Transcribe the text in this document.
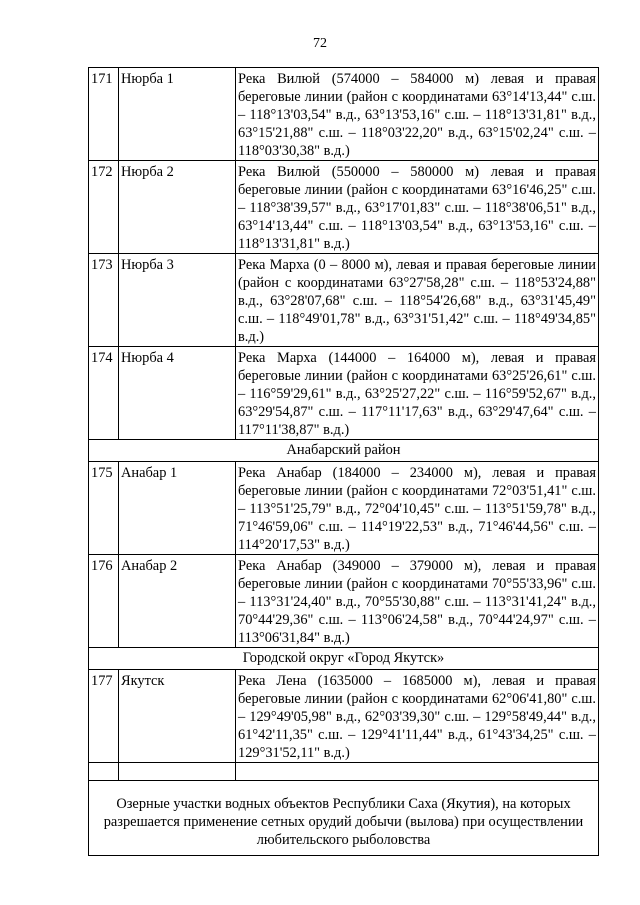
72
171	Нюрба 1	Река Вилюй (574000 – 584000 м) левая и правая береговые линии (район с координатами 63°14'13,44" с.ш. – 118°13'03,54" в.д., 63°13'53,16" с.ш. – 118°13'31,81" в.д., 63°15'21,88" с.ш. – 118°03'22,20" в.д., 63°15'02,24" с.ш. – 118°03'30,38" в.д.)
172	Нюрба 2	Река Вилюй (550000 – 580000 м) левая и правая береговые линии (район с координатами 63°16'46,25" с.ш. – 118°38'39,57" в.д., 63°17'01,83" с.ш. – 118°38'06,51" в.д., 63°14'13,44" с.ш. – 118°13'03,54" в.д., 63°13'53,16" с.ш. – 118°13'31,81" в.д.)
173	Нюрба 3	Река Марха (0 – 8000 м), левая и правая береговые линии (район с координатами 63°27'58,28" с.ш. – 118°53'24,88" в.д., 63°28'07,68" с.ш. – 118°54'26,68" в.д., 63°31'45,49" с.ш. – 118°49'01,78" в.д., 63°31'51,42" с.ш. – 118°49'34,85" в.д.)
174	Нюрба 4	Река Марха (144000 – 164000 м), левая и правая береговые линии (район с координатами 63°25'26,61" с.ш. – 116°59'29,61" в.д., 63°25'27,22" с.ш. – 116°59'52,67" в.д., 63°29'54,87" с.ш. – 117°11'17,63" в.д., 63°29'47,64" с.ш. – 117°11'38,87" в.д.)
Анабарский район		
175	Анабар 1	Река Анабар (184000 – 234000 м), левая и правая береговые линии (район с координатами 72°03'51,41" с.ш. – 113°51'25,79" в.д., 72°04'10,45" с.ш. – 113°51'59,78" в.д., 71°46'59,06" с.ш. – 114°19'22,53" в.д., 71°46'44,56" с.ш. – 114°20'17,53" в.д.)
176	Анабар 2	Река Анабар (349000 – 379000 м), левая и правая береговые линии (район с координатами 70°55'33,96" с.ш. – 113°31'24,40" в.д., 70°55'30,88" с.ш. – 113°31'41,24" в.д., 70°44'29,36" с.ш. – 113°06'24,58" в.д., 70°44'24,97" с.ш. – 113°06'31,84" в.д.)
Городской округ «Город Якутск»		
177	Якутск	Река Лена (1635000 – 1685000 м), левая и правая береговые линии (район с координатами 62°06'41,80" с.ш. – 129°49'05,98" в.д., 62°03'39,30" с.ш. – 129°58'49,44" в.д., 61°42'11,35" с.ш. – 129°41'11,44" в.д., 61°43'34,25" с.ш. – 129°31'52,11" в.д.)

Озерные участки водных объектов Республики Саха (Якутия), на которых
разрешается применение сетных орудий добычи (вылова) при осуществлении
любительского рыболовства		
